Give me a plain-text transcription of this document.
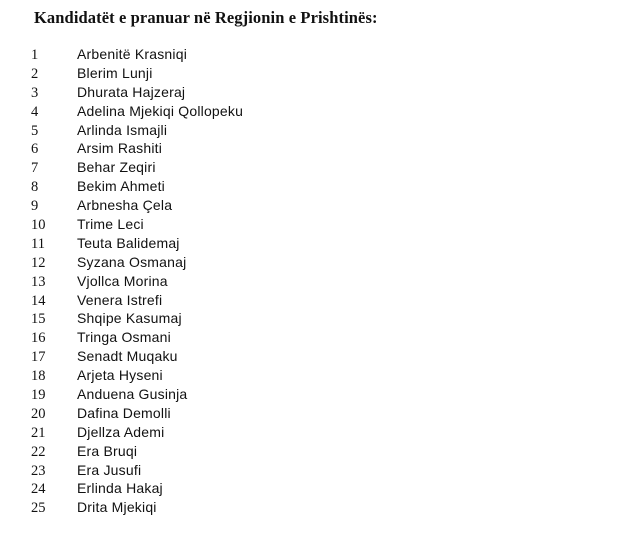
Kandidatët e pranuar në Regjionin e Prishtinës:
1	Arbenitë Krasniqi
2	Blerim Lunji
3	Dhurata Hajzeraj
4	Adelina Mjekiqi Qollopeku
5	Arlinda Ismajli
6	Arsim Rashiti
7	Behar Zeqiri
8	Bekim Ahmeti
9	Arbnesha Çela
10 Trime Leci
11 Teuta Balidemaj
12 Syzana Osmanaj
13 Vjollca Morina
14 Venera Istrefi
15 Shqipe Kasumaj
16 Tringa Osmani
17 Senadt Muqaku
18 Arjeta Hyseni
19 Anduena Gusinja
20 Dafina Demolli
21 Djellza Ademi
22 Era Bruqi
23 Era Jusufi
24 Erlinda Hakaj
25 Drita Mjekiqi
